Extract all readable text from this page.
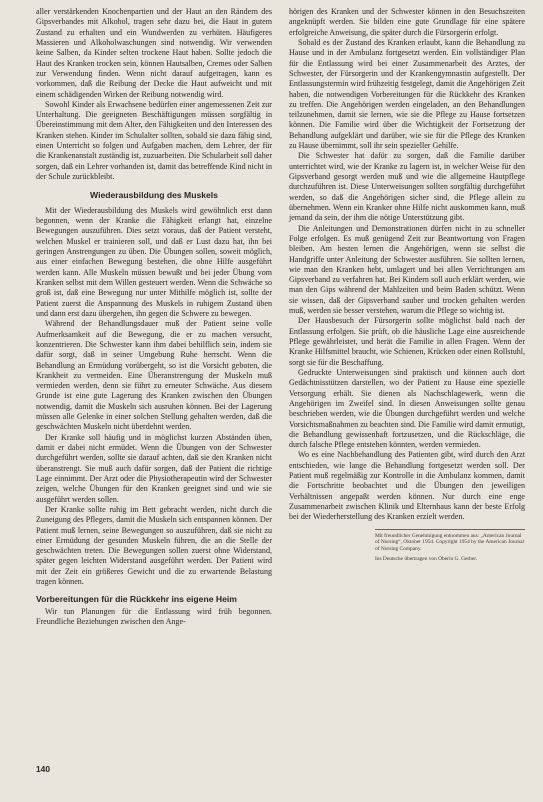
aller verstärkenden Knochenpartien und der Haut an den Rändern des Gipsverbandes mit Alkohol, tragen sehr dazu bei, die Haut in gutem Zustand zu erhalten und ein Wundwerden zu verhüten. Häufigeres Massieren und Alkoholwaschungen sind notwendig. Wir verwenden keine Salben, da Kinder selten trockene Haut haben. Sollte jedoch die Haut des Kranken trocken sein, können Hautsalben, Cremes oder Salben zur Verwendung finden. Wenn nicht darauf aufgetragen, kann es vorkommen, daß die Reibung der Decke die Haut aufweicht und mit einem schädigenden Wirken der Reibung notwendig wird.

Sowohl Kinder als Erwachsene bedürfen einer angemessenen Zeit zur Unterhaltung. Die geeigneten Beschäftigungen müssen sorgfältig in Übereinstimmung mit dem Alter, den Fähigkeiten und den Interessen des Kranken stehen. Kinder im Schulalter sollten, sobald sie dazu fähig sind, einen Unterricht so folgen und Aufgaben machen, dem Lehrer, der für die Krankenanstalt zuständig ist, zuzuarbeiten. Die Schularbeit soll daher sorgen, daß ein Lehrer vorhanden ist, damit das betreffende Kind nicht in der Schule zurückbleibt.

Wiederausbildung des Muskels

Mit der Wiederausbildung des Muskels wird gewöhnlich erst dann begonnen, wenn der Kranke die Fähigkeit erlangt hat, einzelne Bewegungen auszuführen. Dies setzt voraus, daß der Patient versteht, welchen Muskel er trainieren soll, und daß er Lust dazu hat, ihn bei geringen Anstrengungen zu üben. Die Übungen sollen, soweit möglich, aus einer einfachen Bewegung bestehen, die ohne Hilfe ausgeführt werden kann. Alle Muskeln müssen bewußt und bei jeder Übung vom Kranken selbst mit dem Willen gesteuert werden. Wenn die Schwäche so groß ist, daß eine Bewegung nur unter Mithilfe möglich ist, sollte der Patient zuerst die Anspannung des Muskels in ruhigem Zustand üben und dann erst dazu übergehen, ihn gegen die Schwere zu bewegen.

Während der Behandlungsdauer muß der Patient seine volle Aufmerksamkeit auf die Bewegung, die er zu machen versucht, konzentrieren. Die Schwester kann ihm dabei behilflich sein, indem sie dafür sorgt, daß in seiner Umgebung Ruhe herrscht. Wenn die Behandlung an Ermüdung vorübergeht, so ist die Vorsicht geboten, die Krankheit zu vermeiden. Eine Überanstrengung der Muskeln muß vermieden werden, denn sie führt zu erneuter Schwäche. Aus diesem Grunde ist eine gute Lagerung des Kranken zwischen den Übungen notwendig, damit die Muskeln sich ausruhen können. Bei der Lagerung müssen alle Gelenke in einer solchen Stellung gehalten werden, daß die geschwächten Muskeln nicht überdehnt werden.

Der Kranke soll häufig und in möglichst kurzen Abständen üben, damit er dabei nicht ermüdet. Wenn die Übungen von der Schwester durchgeführt werden, sollte sie darauf achten, daß sie den Kranken nicht überanstrengt. Sie muß auch dafür sorgen, daß der Patient die richtige Lage einnimmt. Der Arzt oder die Physiotherapeutin wird der Schwester zeigen, welche Übungen für den Kranken geeignet sind und wie sie ausgeführt werden sollen.

Der Kranke sollte ruhig im Bett gebracht werden, nicht durch die Zuneigung des Pflegers, damit die Muskeln sich entspannen können. Der Patient muß lernen, seine Bewegungen so auszuführen, daß sie nicht zu einer Ermüdung der gesunden Muskeln führen, die an die Stelle der geschwächten treten. Die Bewegungen sollen zuerst ohne Widerstand, später gegen leichten Widerstand ausgeführt werden. Der Patient wird mit der Zeit ein größeres Gewicht und die zu erwartende Belastung tragen können.

Vorbereitungen für die Rückkehr ins eigene Heim

Wir tun Planungen für die Entlassung wird früh begonnen. Freundliche Beziehungen zwischen den Ange-

hörigen des Kranken und der Schwester können in den Besuchszeiten angeknüpft werden. Sie bilden eine gute Grundlage für eine spätere erfolgreiche Anweisung, die später durch die Fürsorgerin erfolgt.

Sobald es der Zustand des Kranken erlaubt, kann die Behandlung zu Hause und in der Ambulanz fortgesetzt werden. Ein vollständiger Plan für die Entlassung wird bei einer Zusammenarbeit des Arztes, der Schwester, der Fürsorgerin und der Krankengymnastin aufgestellt. Der Entlassungstermin wird frühzeitig festgelegt, damit die Angehörigen Zeit haben, die notwendigen Vorbereitungen für die Rückkehr des Kranken zu treffen. Die Angehörigen werden eingeladen, an den Behandlungen teilzunehmen, damit sie lernen, wie sie die Pflege zu Hause fortsetzen können. Die Familie wird über die Wichtigkeit der Fortsetzung der Behandlung aufgeklärt und darüber, wie sie für die Pflege des Kranken zu Hause übernimmt, soll ihr sein spezieller Gehilfe.

Die Schwester hat dafür zu sorgen, daß die Familie darüber unterrichtet wird, wie der Kranke zu lagern ist, in welcher Weise für den Gipsverband gesorgt werden muß und wie die allgemeine Hautpflege durchzuführen ist. Diese Unterweisungen sollten sorgfältig durchgeführt werden, so daß die Angehörigen sicher sind, die Pflege allein zu übernehmen. Wenn ein Kranker ohne Hilfe nicht auskommen kann, muß jemand da sein, der ihm die nötige Unterstützung gibt.

Die Anleitungen und Demonstrationen dürfen nicht in zu schneller Folge erfolgen. Es muß genügend Zeit zur Beantwortung von Fragen bleiben. Am besten lernen die Angehörigen, wenn sie selbst die Handgriffe unter Anleitung der Schwester ausführen. Sie sollten lernen, wie man den Kranken hebt, umlagert und bei allen Verrichtungen am Gipsverband zu verfahren hat. Bei Kindern soll auch erklärt werden, wie man den Gips während der Mahlzeiten und beim Baden schützt. Wenn sie wissen, daß der Gipsverband sauber und trocken gehalten werden muß, werden sie besser verstehen, warum die Pflege so wichtig ist.

Der Hausbesuch der Fürsorgerin sollte möglichst bald nach der Entlassung erfolgen. Sie prüft, ob die häusliche Lage eine ausreichende Pflege gewährleistet, und berät die Familie in allen Fragen. Wenn der Kranke Hilfsmittel braucht, wie Schienen, Krücken oder einen Rollstuhl, sorgt sie für die Beschaffung.

Gedruckte Unterweisungen sind praktisch und können auch dort Gedächtnisstützen darstellen, wo der Patient zu Hause eine spezielle Versorgung erhält. Sie dienen als Nachschlagewerk, wenn die Angehörigen im Zweifel sind. In diesen Anweisungen sollte genau beschrieben werden, wie die Übungen durchgeführt werden und welche Vorsichtsmaßnahmen zu beachten sind. Die Familie wird damit ermutigt, die Behandlung gewissenhaft fortzusetzen, und die Rückschläge, die durch falsche Pflege entstehen könnten, werden vermieden.

Wo es eine Nachbehandlung des Patienten gibt, wird durch den Arzt entschieden, wie lange die Behandlung fortgesetzt werden soll. Der Patient muß regelmäßig zur Kontrolle in die Ambulanz kommen, damit die Fortschritte beobachtet und die Übungen den jeweiligen Verhältnissen angepaßt werden können. Nur durch eine enge Zusammenarbeit zwischen Klinik und Elternhaus kann der beste Erfolg bei der Wiederherstellung des Kranken erzielt werden.

Mit freundlicher Genehmigung entnommen aus: „American Journal of Nursing“, Oktober 1954. Copyright 1954 by the American Journal of Nursing Company.

Ins Deutsche übertragen von Oberin G. Gerber.

140
